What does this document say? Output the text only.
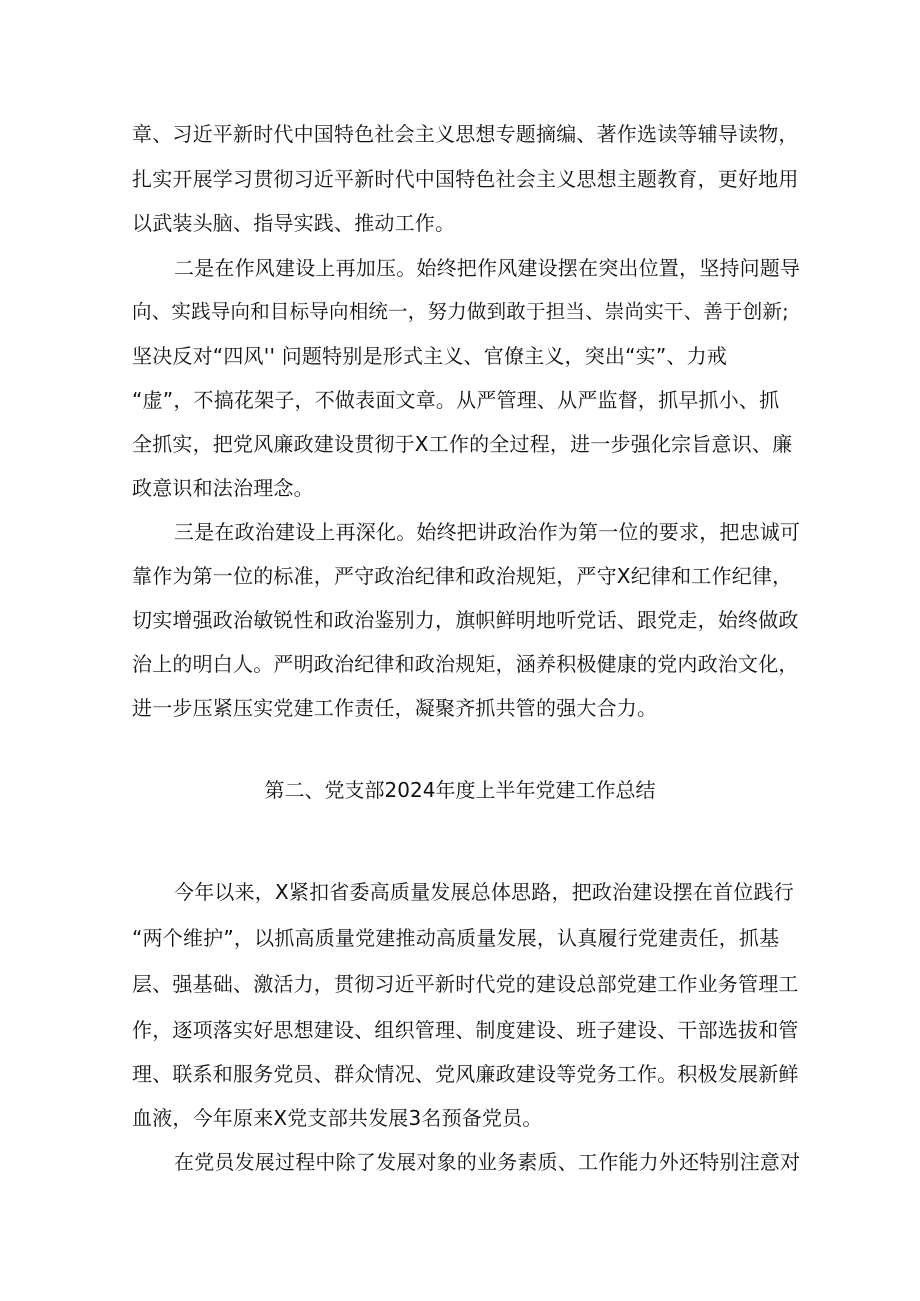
章、习近平新时代中国特色社会主义思想专题摘编、著作选读等辅导读物，
扎实开展学习贯彻习近平新时代中国特色社会主义思想主题教育，更好地用
以武装头脑、指导实践、推动工作。
二是在作风建设上再加压。始终把作风建设摆在突出位置，坚持问题导
向、实践导向和目标导向相统一，努力做到敢于担当、崇尚实干、善于创新;
坚决反对“四风'' 问题特别是形式主义、官僚主义，突出“实”、力戒
“虚”，不搞花架子，不做表面文章。从严管理、从严监督，抓早抓小、抓
全抓实，把党风廉政建设贯彻于X工作的全过程，进一步强化宗旨意识、廉
政意识和法治理念。
三是在政治建设上再深化。始终把讲政治作为第一位的要求，把忠诚可
靠作为第一位的标准，严守政治纪律和政治规矩，严守X纪律和工作纪律，
切实增强政治敏锐性和政治鉴别力，旗帜鲜明地听党话、跟党走，始终做政
治上的明白人。严明政治纪律和政治规矩，涵养积极健康的党内政治文化，
进一步压紧压实党建工作责任，凝聚齐抓共管的强大合力。
第二、党支部2024年度上半年党建工作总结
今年以来，X紧扣省委高质量发展总体思路，把政治建设摆在首位践行
“两个维护”，以抓高质量党建推动高质量发展，认真履行党建责任，抓基
层、强基础、激活力，贯彻习近平新时代党的建设总部党建工作业务管理工
作，逐项落实好思想建设、组织管理、制度建设、班子建设、干部选拔和管
理、联系和服务党员、群众情况、党风廉政建设等党务工作。积极发展新鲜
血液，今年原来X党支部共发展3名预备党员。
在党员发展过程中除了发展对象的业务素质、工作能力外还特别注意对
